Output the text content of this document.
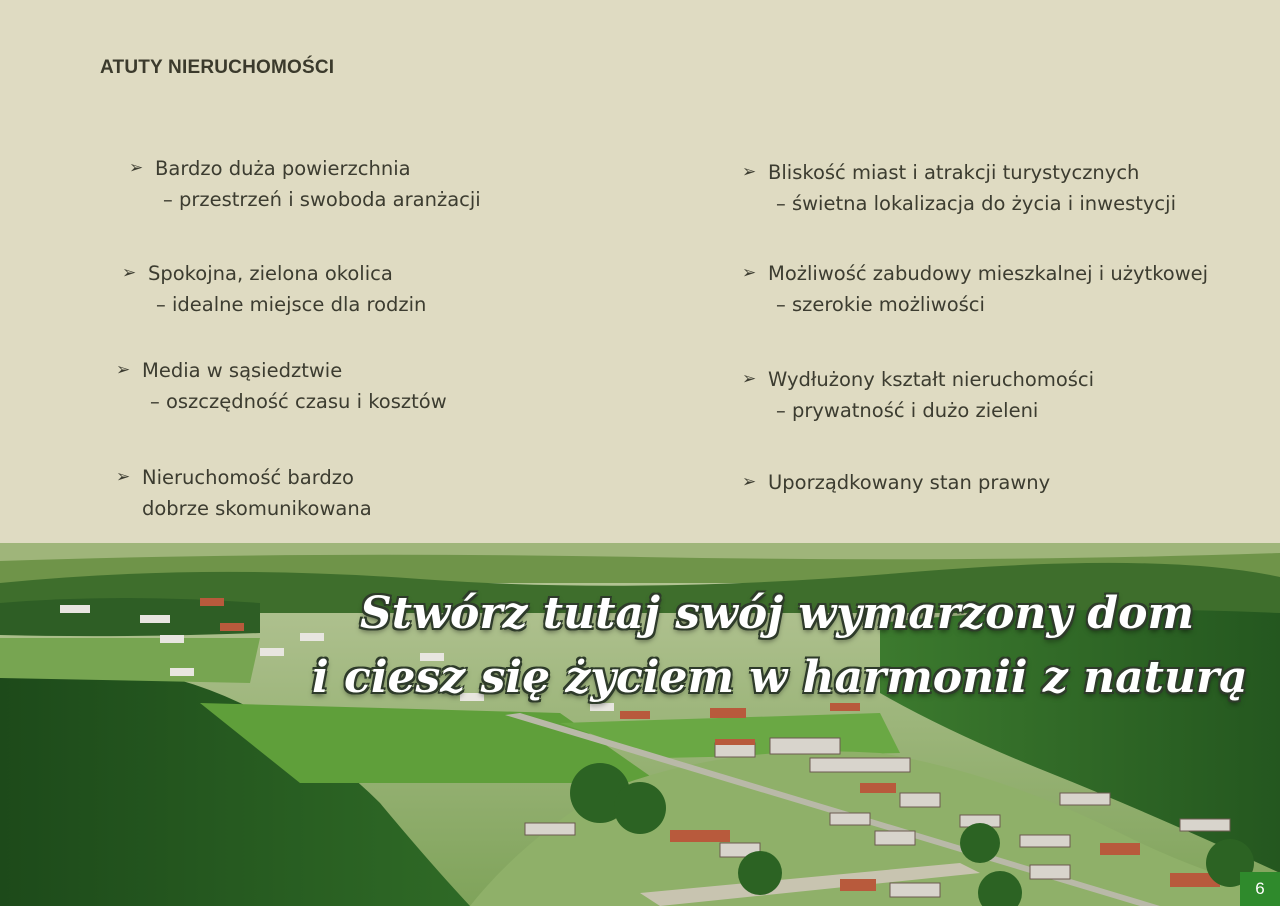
ATUTY NIERUCHOMOŚCI
➢ Bardzo duża powierzchnia
– przestrzeń i swoboda aranżacji
➢ Spokojna, zielona okolica
– idealne miejsce dla rodzin
➢ Media w sąsiedztwie
– oszczędność czasu i kosztów
➢ Nieruchomość bardzo
dobrze skomunikowana
➢ Bliskość miast i atrakcji turystycznych
– świetna lokalizacja do życia i inwestycji
➢ Możliwość zabudowy mieszkalnej i użytkowej
– szerokie możliwości
➢ Wydłużony kształt nieruchomości
– prywatność i dużo zieleni
➢ Uporządkowany stan prawny
Stwórz tutaj swój wymarzony dom
i ciesz się życiem w harmonii z naturą
6
